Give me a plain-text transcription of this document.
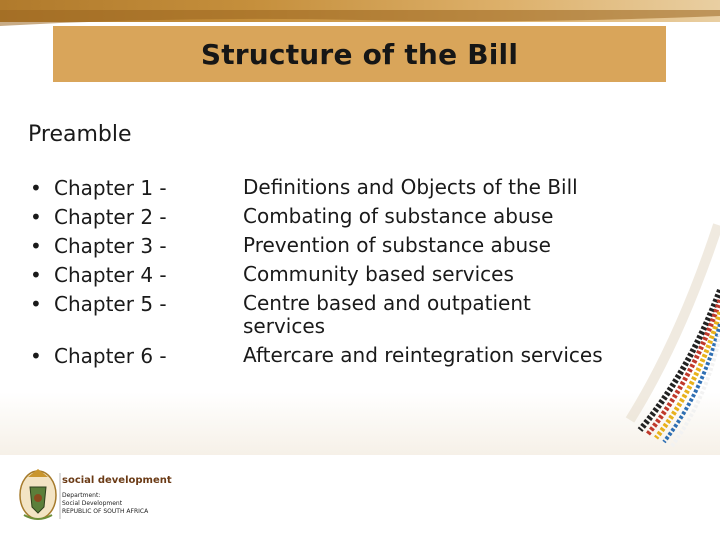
Structure of the Bill
Preamble
• Chapter 1 -	Definitions and Objects of the Bill
• Chapter 2 -	Combating of substance abuse
• Chapter 3 -	Prevention of substance abuse
• Chapter 4 -	Community based services
• Chapter 5 -	Centre based and outpatient services
• Chapter 6 -	Aftercare and reintegration services
social development
Department:
Social Development
REPUBLIC OF SOUTH AFRICA
